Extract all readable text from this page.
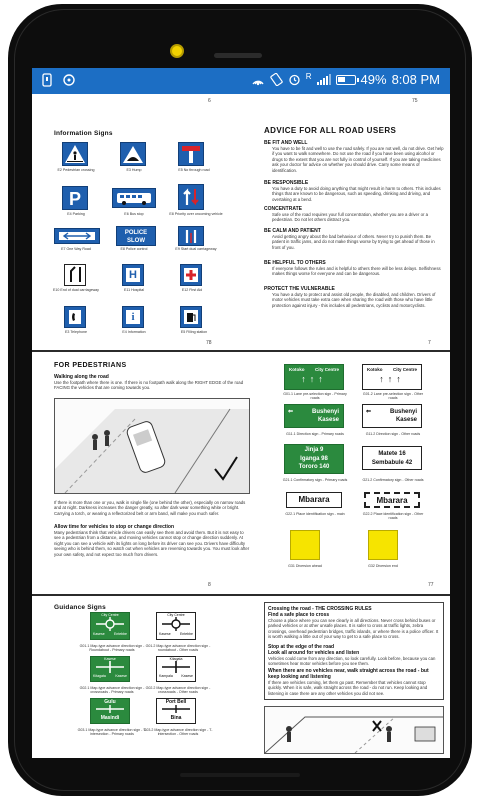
R	49% 8:08 PM
6	75
Information Signs
E2 Pedestrian crossing	E3 Hump	E5 No through road
P
E4 Parking	E6 Bus stop	E8 Priority over oncoming vehicle
E7 One Way Road
POLICE
SLOW
E8 Police control	E9 Start dual carriageway
E10 End of dual carriageway
H
E11 Hospital	E12 First Aid
E3 Telephone
i
E4 Information	E5 Filling station
78
ADVICE FOR ALL ROAD USERS
BE FIT AND WELL
You have to be fit and well to use the road safely. If you are not well, do not drive. Get help if you want to walk somewhere. Do not use the road if you have been using alcohol or drugs to the extent that you are not fully in control of yourself. If you are taking medicines ask your doctor for advice on whether you should drive. Carry some means of identification.
BE RESPONSIBLE
You have a duty to avoid doing anything that might result in harm to others. This includes things that are known to be dangerous, such as speeding, drinking and driving, and overtaking at a bend.
CONCENTRATE
Safe use of the road requires your full concentration, whether you are a driver or a pedestrian. Do not let others distract you.
BE CALM AND PATIENT
Avoid getting angry about the bad behaviour of others. Never try to punish them. Be patient in traffic jams, and do not make things worse by trying to get ahead of those in front of you.
BE HELPFUL TO OTHERS
If everyone follows the rules and is helpful to others there will be less delays. Selfishness makes things worse for everyone and can be dangerous.
PROTECT THE VULNERABLE
You have a duty to protect and assist old people, the disabled, and children. Drivers of motor vehicles must take extra care when sharing the road with those who have little protection against injury - this includes all pedestrians, cyclists and motorcyclists.
7
FOR PEDESTRIANS
Walking along the road
Use the footpath where there is one. If there is no footpath walk along the RIGHT EDGE of the road FACING the vehicles that are coming towards you.
If there is more than one or you, walk in single file (one behind the other), especially on narrow roads and at night. Darkness increases the danger greatly, so after dark wear something white or bright. Carrying a torch, or wearing a reflectorized belt or arm band, will make you much safer.
Allow time for vehicles to stop or change direction
Many pedestrians think that vehicle drivers can easily see them and avoid them. But it is not easy to see a pedestrian from a distance, and moving vehicles cannot stop or change direction suddenly. At night you can see a vehicle with its lights on long before its driver can see you. Drivers have difficulty seeing who is behind them, so watch out when vehicles are reversing towards you. You must look after your own safety, and not expect too much from drivers.
8
Kotoko City Centre
↑↑↑
G01.1 Lane pre-selection sign - Primary roads
Kotoko City Centre
↑↑↑
G01.2 Lane pre-selection sign - Other roads
⇐	Bushenyi
Kasese
G11.1 Direction sign - Primary roads
⇐	Bushenyi
Kasese
G11.2 Direction sign - Other roads
Jinja 9
Iganga 98
Tororo 140
G21.1 Confirmatory sign - Primary roads
Matete 16
Sembabule 42
G21.2 Confirmatory sign - Other roads
Mbarara
G22.1 Place identification sign - main
Mbarara
G22.2 Place identification sign - Other roads
G31 Diversion ahead	G32 Diversion end
77
Guidance Signs
City Centre
Kasese	Entebbe
G01.1 Map-type advance direction sign - Roundabout - Primary roads
City Centre
Kasese	Entebbe
G01.2 Map-type advance direction sign - roundabout - Other roads
Kasese
Kitagata	Kasese
G02.1 Map-type advance direction sign - crossroads - Primary roads
Kitagata
Kampala Kasese
G02.2 Map-type advance direction sign - crossroads - Other roads
Gulu
Masindi
G03.1 Map-type advance direction sign - T-intersection - Primary roads
Port Bell
Bina
G03.2 Map-type advance direction sign - T-intersection - Other roads
Crossing the road - THE CROSSING RULES
Find a safe place to cross
Choose a place where you can see clearly in all directions. Never cross behind buses or parked vehicles or at other unsafe places. It is safer to cross at traffic lights, zebra crossings, overhead pedestrian bridges, traffic islands, or where there is a police officer. It is worth walking a little out of your way to get to a safe place to cross.
Stop at the edge of the road
Look all around for vehicles and listen
Vehicles could come from any direction, so look carefully. Look before, because you can sometimes hear motor vehicles before you see them.
When there are no vehicles near, walk straight across the road - but keep looking and listening
If there are vehicles coming, let them go past. Remember that vehicles cannot stop quickly. When it is safe, walk straight across the road - do not run. Keep looking and listening in case there are any other vehicles you did not see.
